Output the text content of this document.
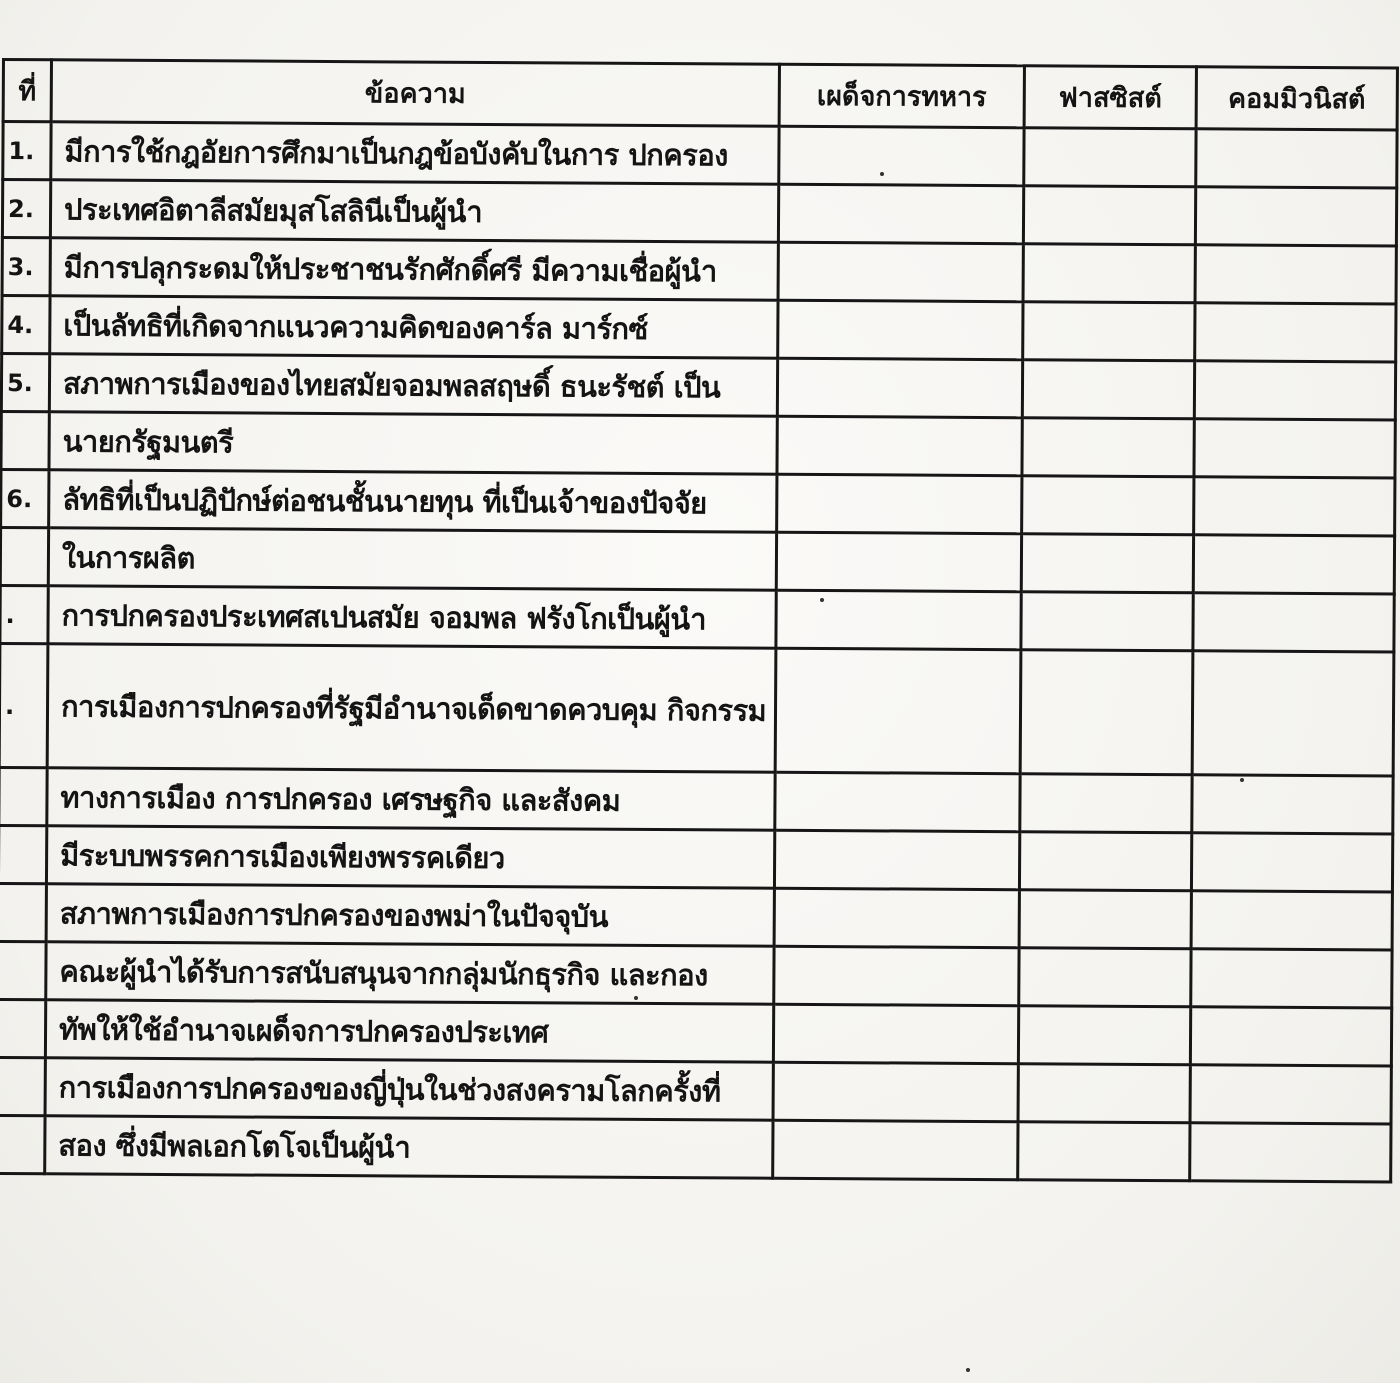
ที่	ข้อความ	เผด็จการทหาร	ฟาสซิสต์	คอมมิวนิสต์
1.	มีการใช้กฎอัยการศึกมาเป็นกฎข้อบังคับในการ ปกครอง			
2.	ประเทศอิตาลีสมัยมุสโสลินีเป็นผู้นำ			
3.	มีการปลุกระดมให้ประชาชนรักศักดิ์ศรี มีความเชื่อผู้นำ			
4.	เป็นลัทธิที่เกิดจากแนวความคิดของคาร์ล มาร์กซ์			
5.	สภาพการเมืองของไทยสมัยจอมพลสฤษดิ์ ธนะรัชต์ เป็น			
	นายกรัฐมนตรี			
6.	ลัทธิที่เป็นปฏิปักษ์ต่อชนชั้นนายทุน ที่เป็นเจ้าของปัจจัย			
	ในการผลิต			
.	การปกครองประเทศสเปนสมัย จอมพล ฟรังโกเป็นผู้นำ			
.	การเมืองการปกครองที่รัฐมีอำนาจเด็ดขาดควบคุม กิจกรรม			
	ทางการเมือง การปกครอง เศรษฐกิจ และสังคม			
	มีระบบพรรคการเมืองเพียงพรรคเดียว			
	สภาพการเมืองการปกครองของพม่าในปัจจุบัน			
	คณะผู้นำได้รับการสนับสนุนจากกลุ่มนักธุรกิจ และกอง			
	ทัพให้ใช้อำนาจเผด็จการปกครองประเทศ			
	การเมืองการปกครองของญี่ปุ่นในช่วงสงครามโลกครั้งที่			
	สอง ซึ่งมีพลเอกโตโจเป็นผู้นำ			
